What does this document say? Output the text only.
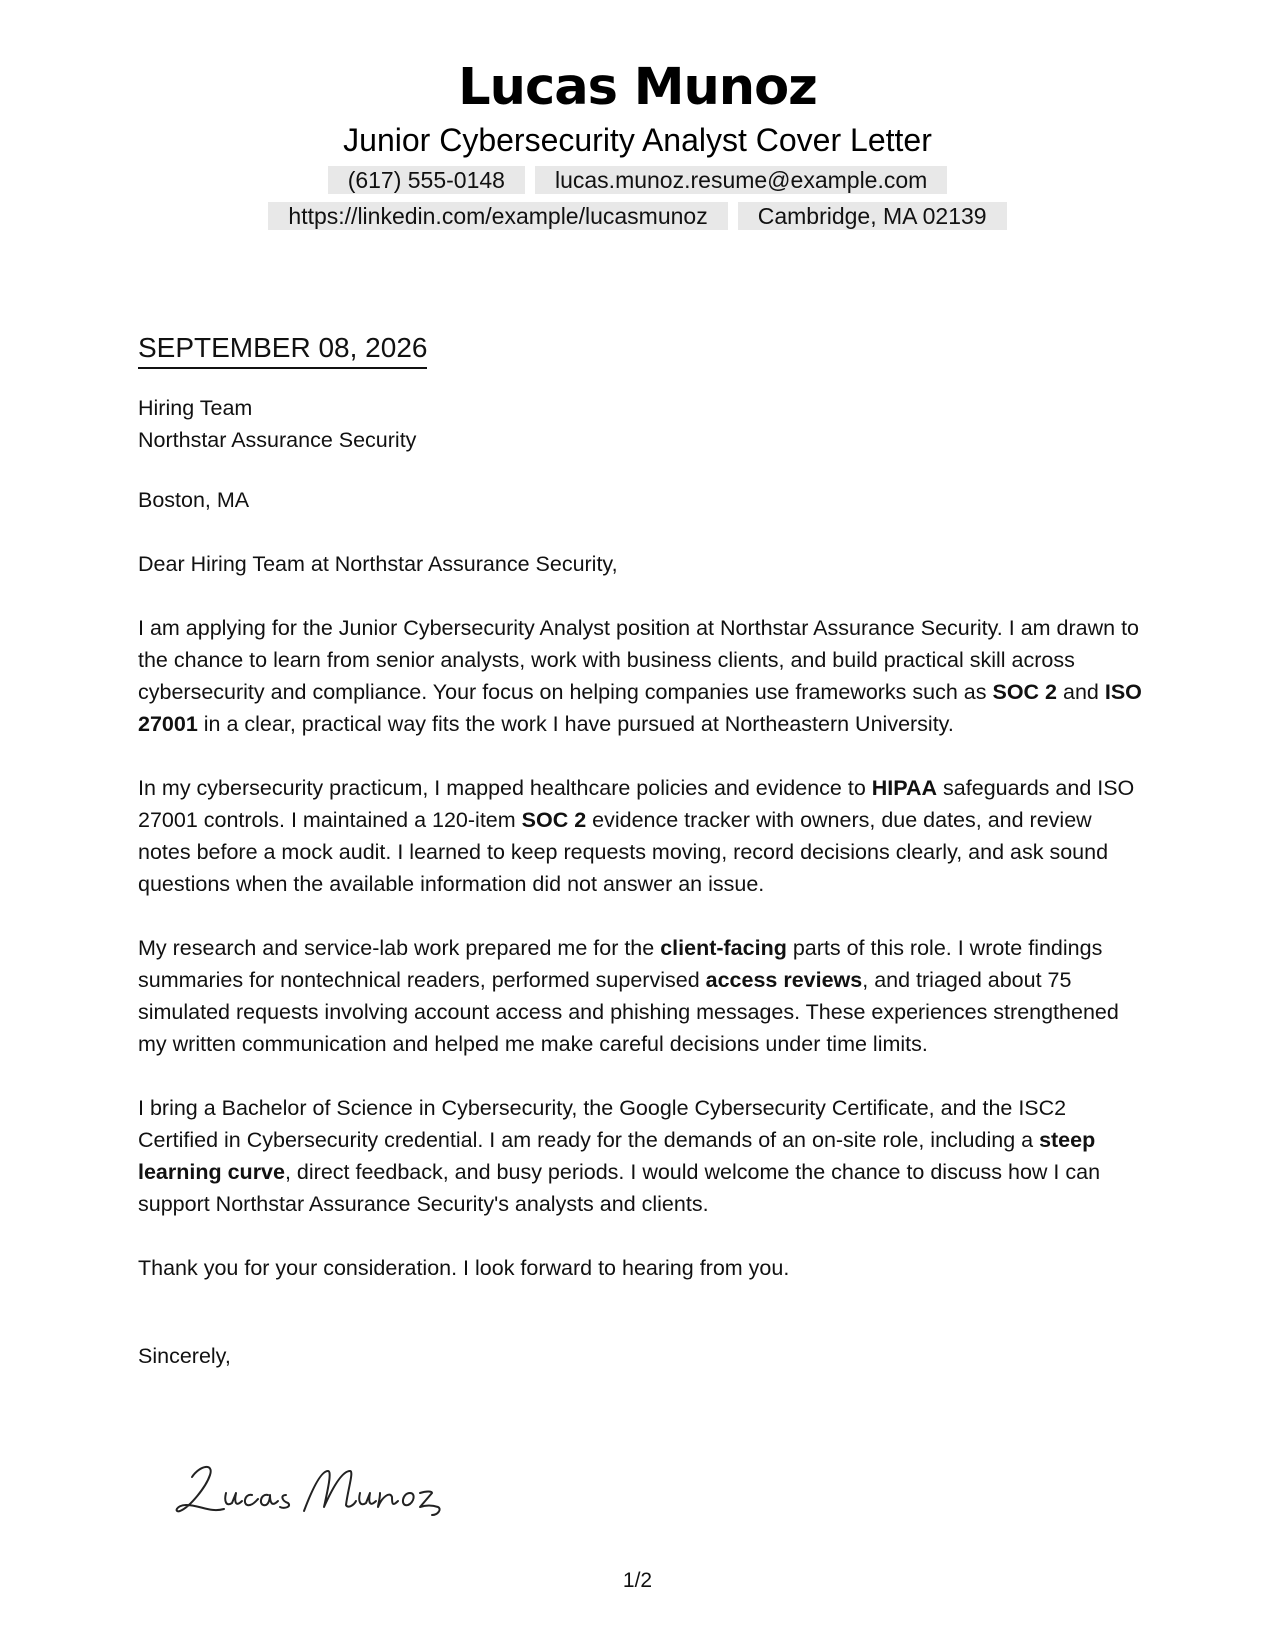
Lucas Munoz
Junior Cybersecurity Analyst Cover Letter
(617) 555-0148	lucas.munoz.resume@example.com
https://linkedin.com/example/lucasmunoz	Cambridge, MA 02139
SEPTEMBER 08, 2026
Hiring Team
Northstar Assurance Security

Boston, MA

Dear Hiring Team at Northstar Assurance Security,

I am applying for the Junior Cybersecurity Analyst position at Northstar Assurance Security. I am drawn to the chance to learn from senior analysts, work with business clients, and build practical skill across cybersecurity and compliance. Your focus on helping companies use frameworks such as SOC 2 and ISO 27001 in a clear, practical way fits the work I have pursued at Northeastern University.

In my cybersecurity practicum, I mapped healthcare policies and evidence to HIPAA safeguards and ISO 27001 controls. I maintained a 120-item SOC 2 evidence tracker with owners, due dates, and review notes before a mock audit. I learned to keep requests moving, record decisions clearly, and ask sound questions when the available information did not answer an issue.

My research and service-lab work prepared me for the client-facing parts of this role. I wrote findings summaries for nontechnical readers, performed supervised access reviews, and triaged about 75 simulated requests involving account access and phishing messages. These experiences strengthened my written communication and helped me make careful decisions under time limits.

I bring a Bachelor of Science in Cybersecurity, the Google Cybersecurity Certificate, and the ISC2 Certified in Cybersecurity credential. I am ready for the demands of an on-site role, including a steep learning curve, direct feedback, and busy periods. I would welcome the chance to discuss how I can support Northstar Assurance Security's analysts and clients.

Thank you for your consideration. I look forward to hearing from you.

Sincerely,

1/2
